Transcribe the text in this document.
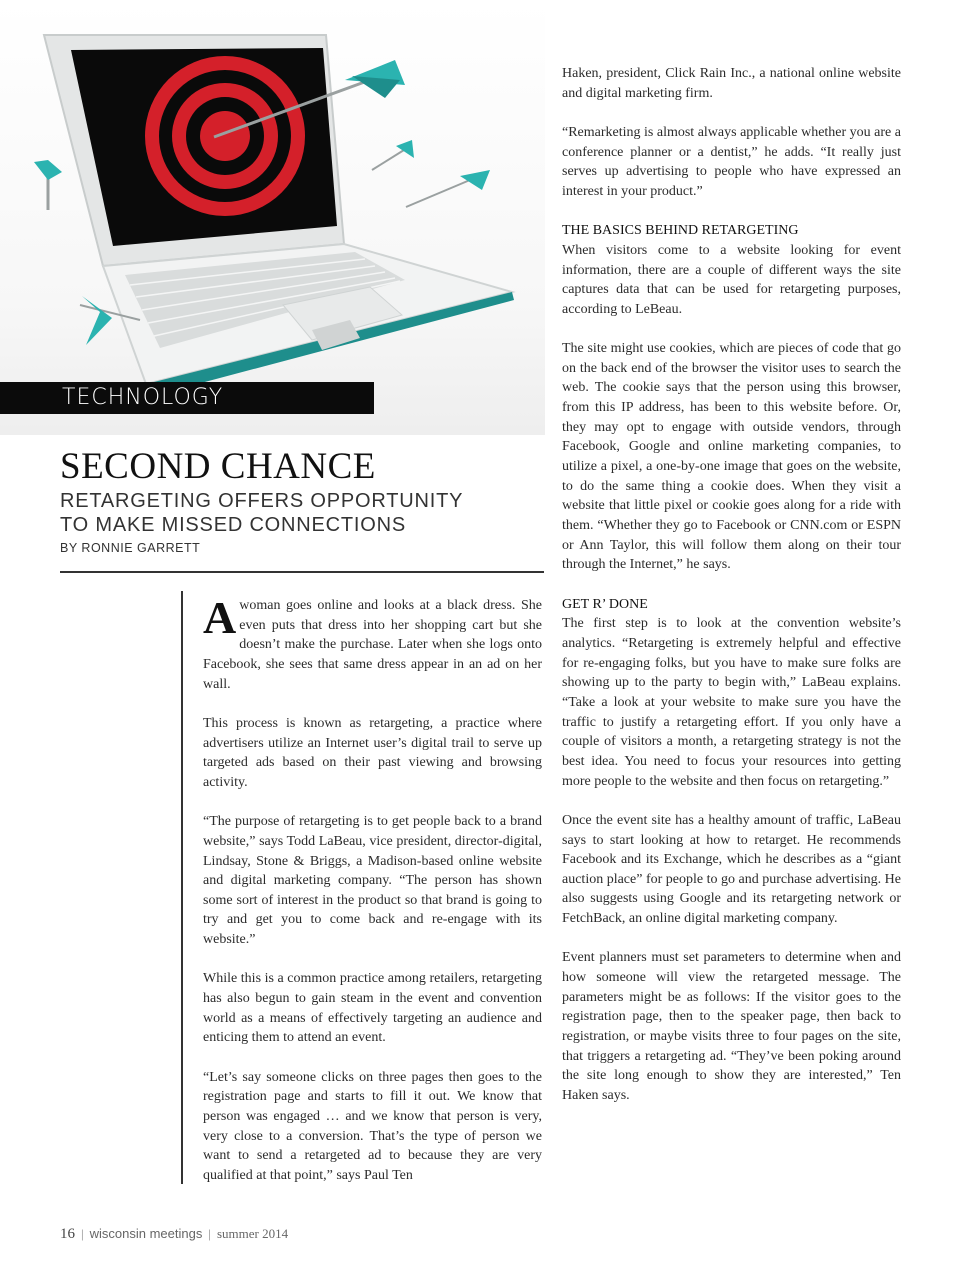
TECHNOLOGY
SECOND CHANCE
RETARGETING OFFERS OPPORTUNITY
TO MAKE MISSED CONNECTIONS
BY RONNIE GARRETT

Awoman goes online and looks at a black dress. She even puts that dress into her shopping cart but she doesn’t make the purchase. Later when she logs onto Facebook, she sees that same dress appear in an ad on her wall.

This process is known as retargeting, a practice where advertisers utilize an Internet user’s digital trail to serve up targeted ads based on their past viewing and browsing activity.

“The purpose of retargeting is to get people back to a brand website,” says Todd LaBeau, vice president, director-digital, Lindsay, Stone & Briggs, a Madison-based online website and digital marketing company. “The person has shown some sort of interest in the product so that brand is going to try and get you to come back and re-engage with its website.”

While this is a common practice among retailers, retargeting has also begun to gain steam in the event and convention world as a means of effectively targeting an audience and enticing them to attend an event.

“Let’s say someone clicks on three pages then goes to the registration page and starts to fill it out. We know that person was engaged … and we know that person is very, very close to a conversion. That’s the type of person we want to send a retargeted ad to because they are very qualified at that point,” says Paul Ten

Haken, president, Click Rain Inc., a national online website and digital marketing firm.

“Remarketing is almost always applicable whether you are a conference planner or a dentist,” he adds. “It really just serves up advertising to people who have expressed an interest in your product.”

THE BASICS BEHIND RETARGETING

When visitors come to a website looking for event information, there are a couple of different ways the site captures data that can be used for retargeting purposes, according to LeBeau.

The site might use cookies, which are pieces of code that go on the back end of the browser the visitor uses to search the web. The cookie says that the person using this browser, from this IP address, has been to this website before. Or, they may opt to engage with outside vendors, through Facebook, Google and online marketing companies, to utilize a pixel, a one-by-one image that goes on the website, to do the same thing a cookie does. When they visit a website that little pixel or cookie goes along for a ride with them. “Whether they go to Facebook or CNN.com or ESPN or Ann Taylor, this will follow them along on their tour through the Internet,” he says.

GET R’ DONE

The first step is to look at the convention website’s analytics. “Retargeting is extremely helpful and effective for re-engaging folks, but you have to make sure folks are showing up to the party to begin with,” LaBeau explains. “Take a look at your website to make sure you have the traffic to justify a retargeting effort. If you only have a couple of visitors a month, a retargeting strategy is not the best idea. You need to focus your resources into getting more people to the website and then focus on retargeting.”

Once the event site has a healthy amount of traffic, LaBeau says to start looking at how to retarget. He recommends Facebook and its Exchange, which he describes as a “giant auction place” for people to go and purchase advertising. He also suggests using Google and its retargeting network or FetchBack, an online digital marketing company.

Event planners must set parameters to determine when and how someone will view the retargeted message. The parameters might be as follows: If the visitor goes to the registration page, then to the speaker page, then back to registration, or maybe visits three to four pages on the site, that triggers a retargeting ad. “They’ve been poking around the site long enough to show they are interested,” Ten Haken says.

16 | wisconsin meetings | summer 2014
